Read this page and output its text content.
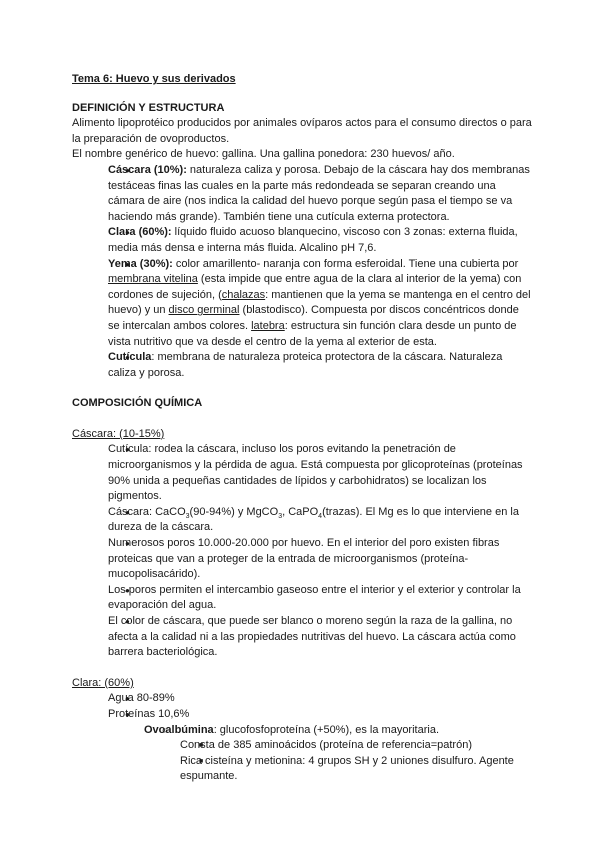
Tema 6: Huevo y sus derivados

DEFINICIÓN Y ESTRUCTURA

Alimento lipoprotéico producidos por animales ovíparos actos para el consumo directos o para la preparación de ovoproductos.

El nombre genérico de huevo: gallina. Una gallina ponedora: 230 huevos/ año.

● Cáscara (10%): naturaleza caliza y porosa. Debajo de la cáscara hay dos membranas testáceas finas las cuales en la parte más redondeada se separan creando una cámara de aire (nos indica la calidad del huevo porque según pasa el tiempo se va haciendo más grande). También tiene una cutícula externa protectora.
● Clara (60%): líquido fluido acuoso blanquecino, viscoso con 3 zonas: externa fluida, media más densa e interna más fluida. Alcalino pH 7,6.
● Yema (30%): color amarillento- naranja con forma esferoidal. Tiene una cubierta por membrana vitelina (esta impide que entre agua de la clara al interior de la yema) con cordones de sujeción, (chalazas: mantienen que la yema se mantenga en el centro del huevo) y un disco germinal (blastodisco). Compuesta por discos concéntricos donde se intercalan ambos colores. latebra: estructura sin función clara desde un punto de vista nutritivo que va desde el centro de la yema al exterior de esta.
● Cutícula: membrana de naturaleza proteica protectora de la cáscara. Naturaleza caliza y porosa.

COMPOSICIÓN QUÍMICA

Cáscara: (10-15%)

● Cutícula: rodea la cáscara, incluso los poros evitando la penetración de microorganismos y la pérdida de agua. Está compuesta por glicoproteínas (proteínas 90% unida a pequeñas cantidades de lípidos y carbohidratos) se localizan los pigmentos.
● Cáscara: CaCO$_3$(90-94%) y MgCO$_3$, CaPO$_4$(trazas). El Mg es lo que interviene en la dureza de la cáscara.
● Numerosos poros 10.000-20.000 por huevo. En el interior del poro existen fibras proteicas que van a proteger de la entrada de microorganismos (proteína-mucopolisacárido).
● Los poros permiten el intercambio gaseoso entre el interior y el exterior y controlar la evaporación del agua.
● El color de cáscara, que puede ser blanco o moreno según la raza de la gallina, no afecta a la calidad ni a las propiedades nutritivas del huevo. La cáscara actúa como barrera bacteriológica.

Clara: (60%)

● Agua 80-89%
● Proteínas 10,6%
○ Ovoalbúmina: glucofosfoproteína (+50%), es la mayoritaria.
■ Consta de 385 aminoácidos (proteína de referencia=patrón)
■ Rica cisteína y metionina: 4 grupos SH y 2 uniones disulfuro. Agente espumante.
